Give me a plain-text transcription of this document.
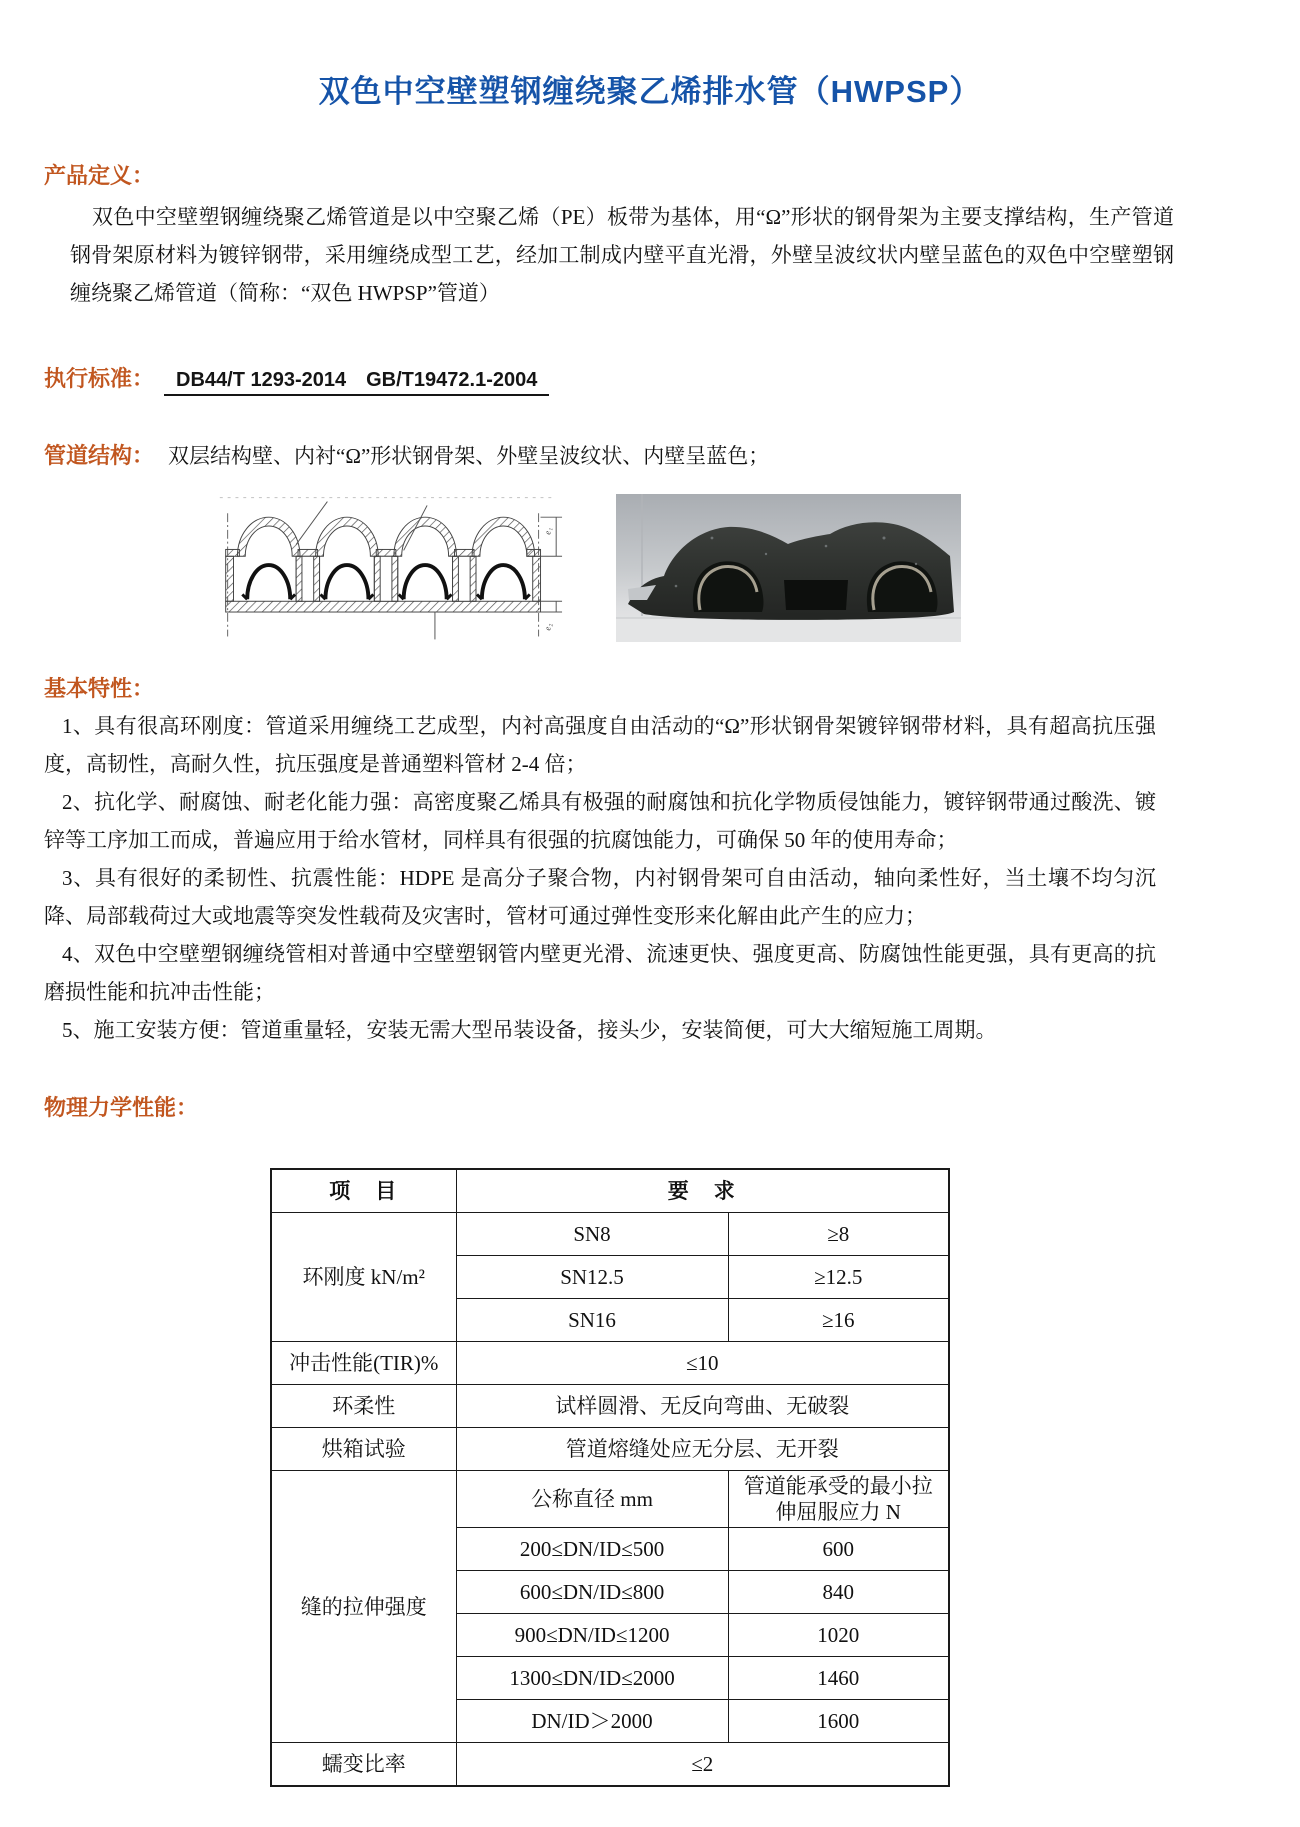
双色中空壁塑钢缠绕聚乙烯排水管（HWPSP）
产品定义：

双色中空壁塑钢缠绕聚乙烯管道是以中空聚乙烯（PE）板带为基体，用“Ω”形状的钢骨架为主要支撑结构，生产管道钢骨架原材料为镀锌钢带，采用缠绕成型工艺，经加工制成内壁平直光滑，外壁呈波纹状内壁呈蓝色的双色中空壁塑钢缠绕聚乙烯管道（简称：“双色 HWPSP”管道）

执行标准： DB44/T 1293-2014　GB/T19472.1-2004
管道结构： 双层结构壁、内衬“Ω”形状钢骨架、外壁呈波纹状、内壁呈蓝色；
e₁
e₂
基本特性：

1、具有很高环刚度：管道采用缠绕工艺成型，内衬高强度自由活动的“Ω”形状钢骨架镀锌钢带材料，具有超高抗压强度，高韧性，高耐久性，抗压强度是普通塑料管材 2-4 倍；

2、抗化学、耐腐蚀、耐老化能力强：高密度聚乙烯具有极强的耐腐蚀和抗化学物质侵蚀能力，镀锌钢带通过酸洗、镀锌等工序加工而成，普遍应用于给水管材，同样具有很强的抗腐蚀能力，可确保 50 年的使用寿命；

3、具有很好的柔韧性、抗震性能：HDPE 是高分子聚合物，内衬钢骨架可自由活动，轴向柔性好，当土壤不均匀沉降、局部载荷过大或地震等突发性载荷及灾害时，管材可通过弹性变形来化解由此产生的应力；

4、双色中空壁塑钢缠绕管相对普通中空壁塑钢管内壁更光滑、流速更快、强度更高、防腐蚀性能更强，具有更高的抗磨损性能和抗冲击性能；

5、施工安装方便：管道重量轻，安装无需大型吊装设备，接头少，安装简便，可大大缩短施工周期。

物理力学性能：
项　目	要　求	
环刚度 kN/m²	SN8	≥8
	SN12.5	≥12.5
	SN16	≥16
冲击性能(TIR)%	≤10	
环柔性	试样圆滑、无反向弯曲、无破裂	
烘箱试验	管道熔缝处应无分层、无开裂	
缝的拉伸强度	公称直径 mm	管道能承受的最小拉伸屈服应力 N
	200≤DN/ID≤500	600
	600≤DN/ID≤800	840
	900≤DN/ID≤1200	1020
	1300≤DN/ID≤2000	1460
	DN/ID＞2000	1600
蠕变比率	≤2	
